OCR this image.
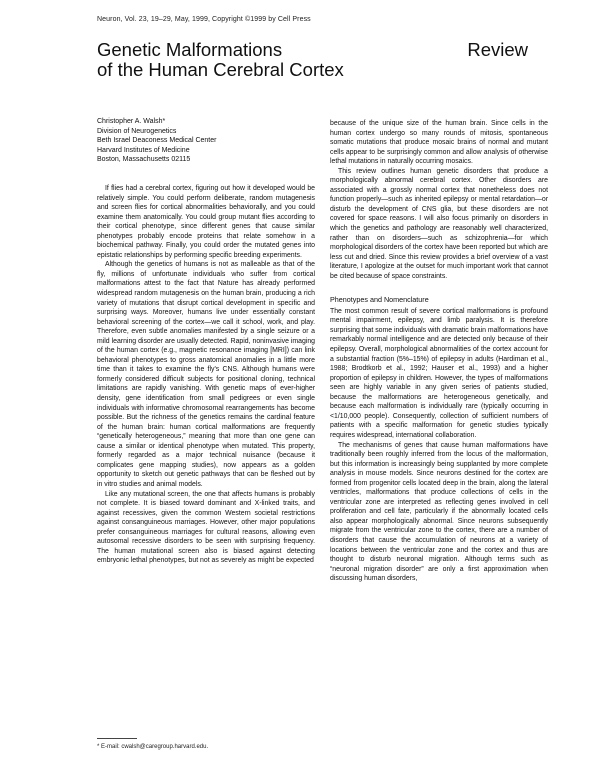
Neuron, Vol. 23, 19–29, May, 1999, Copyright ©1999 by Cell Press
Genetic Malformations
of the Human Cerebral Cortex
Review
Christopher A. Walsh*
Division of Neurogenetics
Beth Israel Deaconess Medical Center
Harvard Institutes of Medicine
Boston, Massachusetts 02115

If flies had a cerebral cortex, figuring out how it developed would be relatively simple. You could perform deliberate, random mutagenesis and screen flies for cortical abnormalities behaviorally, and you could examine them anatomically. You could group mutant flies according to their cortical phenotype, since different genes that cause similar phenotypes probably encode proteins that relate somehow in a biochemical pathway. Finally, you could order the mutated genes into epistatic relationships by performing specific breeding experiments.

Although the genetics of humans is not as malleable as that of the fly, millions of unfortunate individuals who suffer from cortical malformations attest to the fact that Nature has already performed widespread random mutagenesis on the human brain, producing a rich variety of mutations that disrupt cortical development in specific and surprising ways. Moreover, humans live under essentially constant behavioral screening of the cortex—we call it school, work, and play. Therefore, even subtle anomalies manifested by a single seizure or a mild learning disorder are usually detected. Rapid, noninvasive imaging of the human cortex (e.g., magnetic resonance imaging [MRI]) can link behavioral phenotypes to gross anatomical anomalies in a little more time than it takes to examine the fly's CNS. Although humans were formerly considered difficult subjects for positional cloning, technical limitations are rapidly vanishing. With genetic maps of ever-higher density, gene identification from small pedigrees or even single individuals with informative chromosomal rearrangements has become possible. But the richness of the genetics remains the cardinal feature of the human brain: human cortical malformations are frequently “genetically heterogeneous,” meaning that more than one gene can cause a similar or identical phenotype when mutated. This property, formerly regarded as a major technical nuisance (because it complicates gene mapping studies), now appears as a golden opportunity to sketch out genetic pathways that can be fleshed out by in vitro studies and animal models.

Like any mutational screen, the one that affects humans is probably not complete. It is biased toward dominant and X-linked traits, and against recessives, given the common Western societal restrictions against consanguineous marriages. However, other major populations prefer consanguineous marriages for cultural reasons, allowing even autosomal recessive disorders to be seen with surprising frequency. The human mutational screen also is biased against detecting embryonic lethal phenotypes, but not as severely as might be expected

because of the unique size of the human brain. Since cells in the human cortex undergo so many rounds of mitosis, spontaneous somatic mutations that produce mosaic brains of normal and mutant cells appear to be surprisingly common and allow analysis of otherwise lethal mutations in naturally occurring mosaics.

This review outlines human genetic disorders that produce a morphologically abnormal cerebral cortex. Other disorders are associated with a grossly normal cortex that nonetheless does not function properly—such as inherited epilepsy or mental retardation—or disturb the development of CNS glia, but these disorders are not covered for space reasons. I will also focus primarily on disorders in which the genetics and pathology are reasonably well characterized, rather than on disorders—such as schizophrenia—for which morphological disorders of the cortex have been reported but which are less cut and dried. Since this review provides a brief overview of a vast literature, I apologize at the outset for much important work that cannot be cited because of space constraints.

Phenotypes and Nomenclature

The most common result of severe cortical malformations is profound mental impairment, epilepsy, and limb paralysis. It is therefore surprising that some individuals with dramatic brain malformations have remarkably normal intelligence and are detected only because of their epilepsy. Overall, morphological abnormalities of the cortex account for a substantial fraction (5%–15%) of epilepsy in adults (Hardiman et al., 1988; Brodtkorb et al., 1992; Hauser et al., 1993) and a higher proportion of epilepsy in children. However, the types of malformations seen are highly variable in any given series of patients studied, because the malformations are heterogeneous genetically, and because each malformation is individually rare (typically occurring in <1/10,000 people). Consequently, collection of sufficient numbers of patients with a specific malformation for genetic studies typically requires widespread, international collaboration.

The mechanisms of genes that cause human malformations have traditionally been roughly inferred from the locus of the malformation, but this information is increasingly being supplanted by more complete analysis in mouse models. Since neurons destined for the cortex are formed from progenitor cells located deep in the brain, along the lateral ventricles, malformations that produce collections of cells in the ventricular zone are interpreted as reflecting genes involved in cell proliferation and cell fate, particularly if the abnormally located cells also appear morphologically abnormal. Since neurons subsequently migrate from the ventricular zone to the cortex, there are a number of disorders that cause the accumulation of neurons at a variety of locations between the ventricular zone and the cortex and thus are thought to disturb neuronal migration. Although terms such as “neuronal migration disorder” are only a first approximation when discussing human disorders,

* E-mail: cwalsh@caregroup.harvard.edu.
